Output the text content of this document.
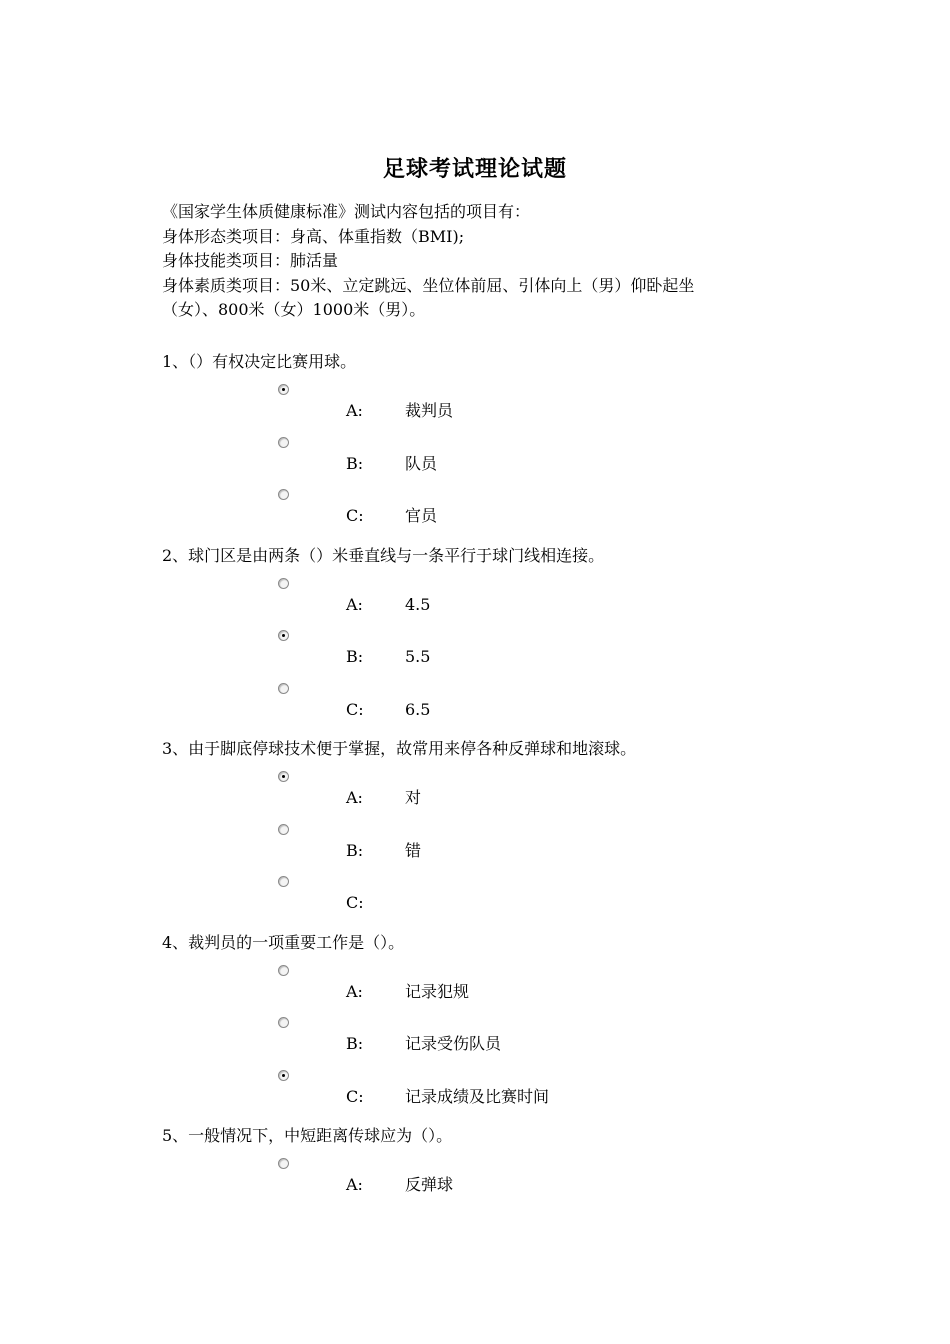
足球考试理论试题
《国家学生体质健康标准》测试内容包括的项目有：
身体形态类项目：身高、体重指数（BMI);
身体技能类项目：肺活量
身体素质类项目：50米、立定跳远、坐位体前屈、引体向上（男）仰卧起坐
（女）、800米（女）1000米（男）。
1、（）有权决定比赛用球。
A:	裁判员
B:	队员
C:	官员
2、球门区是由两条（）米垂直线与一条平行于球门线相连接。
A:	4.5
B:	5.5
C:	6.5
3、由于脚底停球技术便于掌握，故常用来停各种反弹球和地滚球。
A:	对
B:	错
C:
4、裁判员的一项重要工作是（）。
A:	记录犯规
B:	记录受伤队员
C:	记录成绩及比赛时间
5、一般情况下，中短距离传球应为（）。
A:	反弹球
